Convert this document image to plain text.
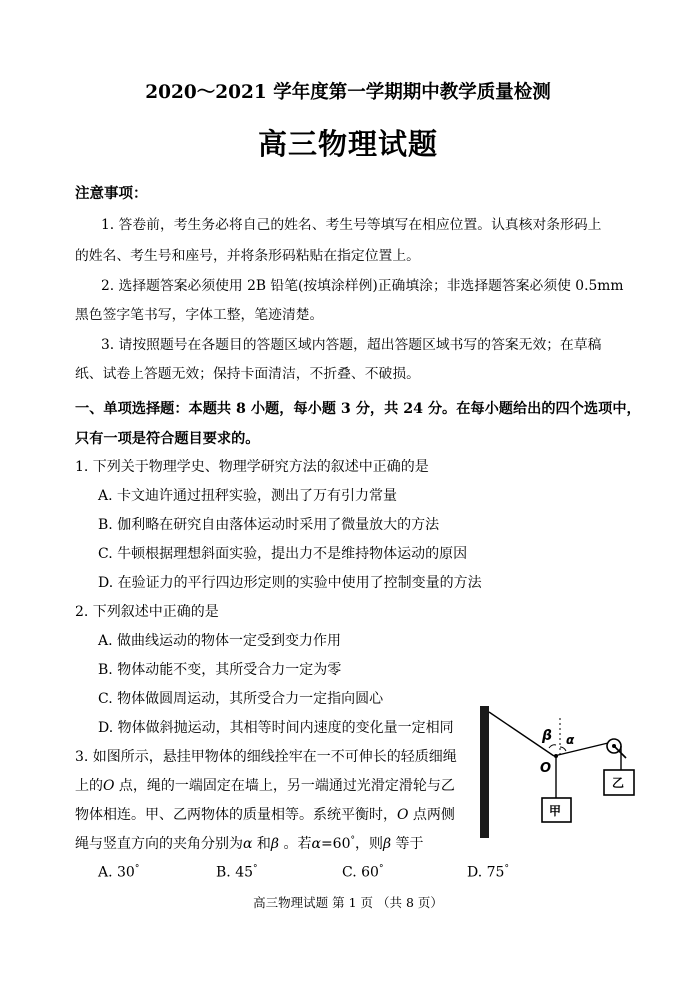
2020～2021 学年度第一学期期中教学质量检测
高三物理试题
注意事项：
1. 答卷前，考生务必将自己的姓名、考生号等填写在相应位置。认真核对条形码上
的姓名、考生号和座号，并将条形码粘贴在指定位置上。
2. 选择题答案必须使用 2B 铅笔(按填涂样例)正确填涂；非选择题答案必须使 0.5mm
黑色签字笔书写，字体工整，笔迹清楚。
3. 请按照题号在各题目的答题区域内答题，超出答题区域书写的答案无效；在草稿
纸、试卷上答题无效；保持卡面清洁，不折叠、不破损。
一、单项选择题：本题共 8 小题，每小题 3 分，共 24 分。在每小题给出的四个选项中，
只有一项是符合题目要求的。
1. 下列关于物理学史、物理学研究方法的叙述中正确的是
A. 卡文迪许通过扭秤实验，测出了万有引力常量
B. 伽利略在研究自由落体运动时采用了微量放大的方法
C. 牛顿根据理想斜面实验，提出力不是维持物体运动的原因
D. 在验证力的平行四边形定则的实验中使用了控制变量的方法
2. 下列叙述中正确的是
A. 做曲线运动的物体一定受到变力作用
B. 物体动能不变，其所受合力一定为零
C. 物体做圆周运动，其所受合力一定指向圆心
D. 物体做斜抛运动，其相等时间内速度的变化量一定相同
3. 如图所示，悬挂甲物体的细线拴牢在一不可伸长的轻质细绳
上的O 点，绳的一端固定在墙上，另一端通过光滑定滑轮与乙
物体相连。甲、乙两物体的质量相等。系统平衡时，O 点两侧
绳与竖直方向的夹角分别为α 和β 。若α=60°，则β 等于
A. 30°	B. 45°	C. 60°	D. 75°
β α
O
甲
乙
高三物理试题 第 1 页 （共 8 页）
